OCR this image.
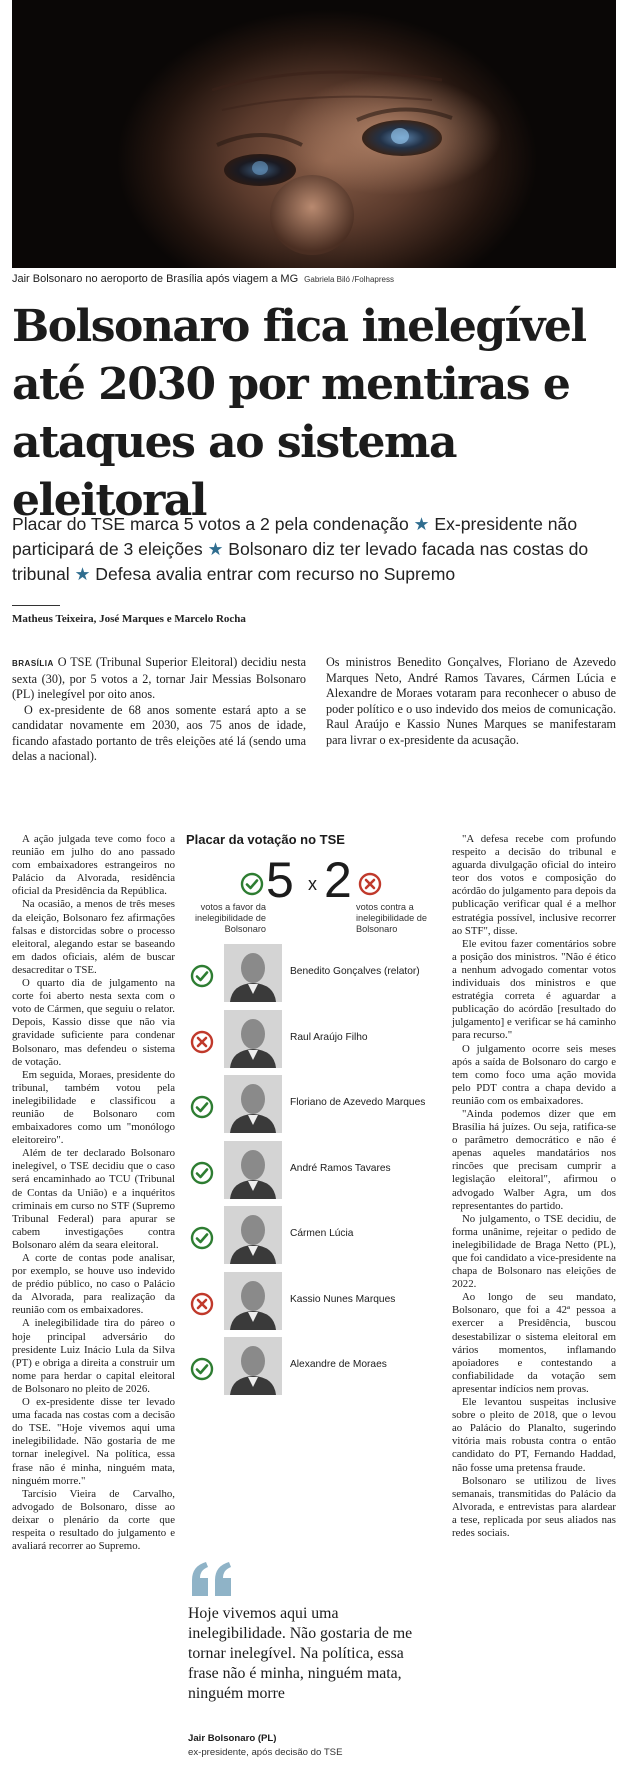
Jair Bolsonaro no aeroporto de Brasília após viagem a MG Gabriela Biló /Folhapress
Bolsonaro fica inelegível
até 2030 por mentiras e
ataques ao sistema eleitoral
Placar do TSE marca 5 votos a 2 pela condenação ★ Ex-presidente não participará de 3 eleições ★ Bolsonaro diz ter levado facada nas costas do tribunal ★ Defesa avalia entrar com recurso no Supremo
Matheus Teixeira, José Marques e Marcelo Rocha

BRASÍLIA O TSE (Tribunal Superior Eleitoral) decidiu nesta sexta (30), por 5 votos a 2, tornar Jair Messias Bolsonaro (PL) inelegível por oito anos.

O ex-presidente de 68 anos somente estará apto a se candidatar novamente em 2030, aos 75 anos de idade, ficando afastado portanto de três eleições até lá (sendo uma delas a nacional).

Os ministros Benedito Gonçalves, Floriano de Azevedo Marques Neto, André Ramos Tavares, Cármen Lúcia e Alexandre de Moraes votaram para reconhecer o abuso de poder político e o uso indevido dos meios de comunicação. Raul Araújo e Kassio Nunes Marques se manifestaram para livrar o ex-presidente da acusação.

A ação julgada teve como foco a reunião em julho do ano passado com embaixadores estrangeiros no Palácio da Alvorada, residência oficial da Presidência da República.

Na ocasião, a menos de três meses da eleição, Bolsonaro fez afirmações falsas e distorcidas sobre o processo eleitoral, alegando estar se baseando em dados oficiais, além de buscar desacreditar o TSE.

O quarto dia de julgamento na corte foi aberto nesta sexta com o voto de Cármen, que seguiu o relator. Depois, Kassio disse que não via gravidade suficiente para condenar Bolsonaro, mas defendeu o sistema de votação.

Em seguida, Moraes, presidente do tribunal, também votou pela inelegibilidade e classificou a reunião de Bolsonaro com embaixadores como um "monólogo eleitoreiro".

Além de ter declarado Bolsonaro inelegível, o TSE decidiu que o caso será encaminhado ao TCU (Tribunal de Contas da União) e a inquéritos criminais em curso no STF (Supremo Tribunal Federal) para apurar se cabem investigações contra Bolsonaro além da seara eleitoral.

A corte de contas pode analisar, por exemplo, se houve uso indevido de prédio público, no caso o Palácio da Alvorada, para realização da reunião com os embaixadores.

A inelegibilidade tira do páreo o hoje principal adversário do presidente Luiz Inácio Lula da Silva (PT) e obriga a direita a construir um nome para herdar o capital eleitoral de Bolsonaro no pleito de 2026.

O ex-presidente disse ter levado uma facada nas costas com a decisão do TSE. "Hoje vivemos aqui uma inelegibilidade. Não gostaria de me tornar inelegível. Na política, essa frase não é minha, ninguém mata, ninguém morre."

Tarcísio Vieira de Carvalho, advogado de Bolsonaro, disse ao deixar o plenário da corte que respeita o resultado do julgamento e avaliará recorrer ao Supremo.

"A defesa recebe com profundo respeito a decisão do tribunal e aguarda divulgação oficial do inteiro teor dos votos e composição do acórdão do julgamento para depois da publicação verificar qual é a melhor estratégia possível, inclusive recorrer ao STF", disse.

Ele evitou fazer comentários sobre a posição dos ministros. "Não é ético a nenhum advogado comentar votos individuais dos ministros e que estratégia correta é aguardar a publicação do acórdão [resultado do julgamento] e verificar se há caminho para recurso."

O julgamento ocorre seis meses após a saída de Bolsonaro do cargo e tem como foco uma ação movida pelo PDT contra a chapa devido a reunião com os embaixadores.

"Ainda podemos dizer que em Brasília há juízes. Ou seja, ratifica-se o parâmetro democrático e não é apenas aqueles mandatários nos rincões que precisam cumprir a legislação eleitoral", afirmou o advogado Walber Agra, um dos representantes do partido.

No julgamento, o TSE decidiu, de forma unânime, rejeitar o pedido de inelegibilidade de Braga Netto (PL), que foi candidato a vice-presidente na chapa de Bolsonaro nas eleições de 2022.

Ao longo de seu mandato, Bolsonaro, que foi a 42ª pessoa a exercer a Presidência, buscou desestabilizar o sistema eleitoral em vários momentos, inflamando apoiadores e contestando a confiabilidade da votação sem apresentar indícios nem provas.

Ele levantou suspeitas inclusive sobre o pleito de 2018, que o levou ao Palácio do Planalto, sugerindo vitória mais robusta contra o então candidato do PT, Fernando Haddad, não fosse uma pretensa fraude.

Bolsonaro se utilizou de lives semanais, transmitidas do Palácio da Alvorada, e entrevistas para alardear a tese, replicada por seus aliados nas redes sociais.

Placar da votação no TSE
5 x 2
votos a favor da inelegibilidade de Bolsonaro
votos contra a inelegibilidade de Bolsonaro
Benedito Gonçalves (relator)
Raul Araújo Filho
Floriano de Azevedo Marques
André Ramos Tavares
Cármen Lúcia
Kassio Nunes Marques
Alexandre de Moraes
Hoje vivemos aqui uma inelegibilidade. Não gostaria de me tornar inelegível. Na política, essa frase não é minha, ninguém mata, ninguém morre
Jair Bolsonaro (PL)
ex-presidente, após decisão do TSE
